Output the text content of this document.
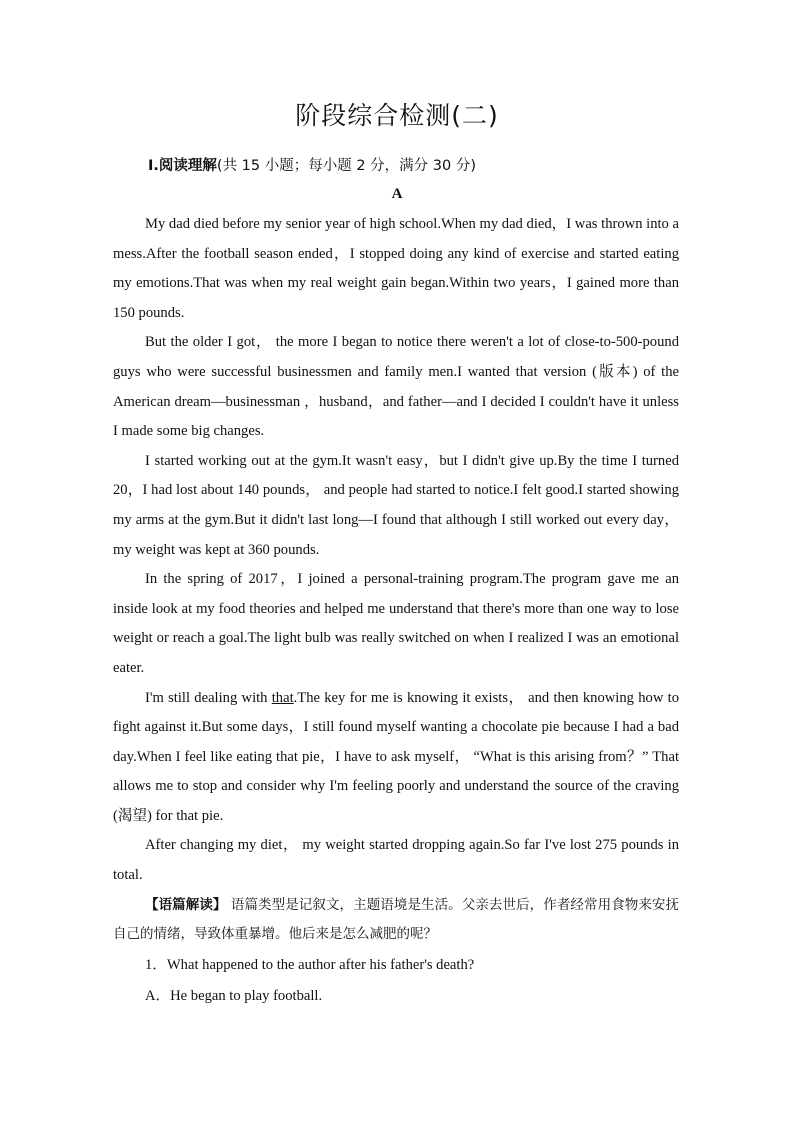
阶段综合检测(二)
Ⅰ.阅读理解(共 15 小题；每小题 2 分，满分 30 分)
A

My dad died before my senior year of high school.When my dad died，I was thrown into a mess.After the football season ended，I stopped doing any kind of exercise and started eating my emotions.That was when my real weight gain began.Within two years，I gained more than 150 pounds.

But the older I got， the more I began to notice there weren't a lot of close-to-500-pound guys who were successful businessmen and family men.I wanted that version (版本) of the American dream—businessman ，husband，and father—and I decided I couldn't have it unless I made some big changes.

I started working out at the gym.It wasn't easy，but I didn't give up.By the time I turned 20，I had lost about 140 pounds， and people had started to notice.I felt good.I started showing my arms at the gym.But it didn't last long—I found that although I still worked out every day，my weight was kept at 360 pounds.

In the spring of 2017，I joined a personal-training program.The program gave me an inside look at my food theories and helped me understand that there's more than one way to lose weight or reach a goal.The light bulb was really switched on when I realized I was an emotional eater.

I'm still dealing with that.The key for me is knowing it exists， and then knowing how to fight against it.But some days，I still found myself wanting a chocolate pie because I had a bad day.When I feel like eating that pie，I have to ask myself， “What is this arising from？” That allows me to stop and consider why I'm feeling poorly and understand the source of the craving (渴望) for that pie.

After changing my diet， my weight started dropping again.So far I've lost 275 pounds in total.

【语篇解读】 语篇类型是记叙文，主题语境是生活。父亲去世后，作者经常用食物来安抚自己的情绪，导致体重暴增。他后来是怎么减肥的呢？

1．What happened to the author after his father's death?

A．He began to play football.
